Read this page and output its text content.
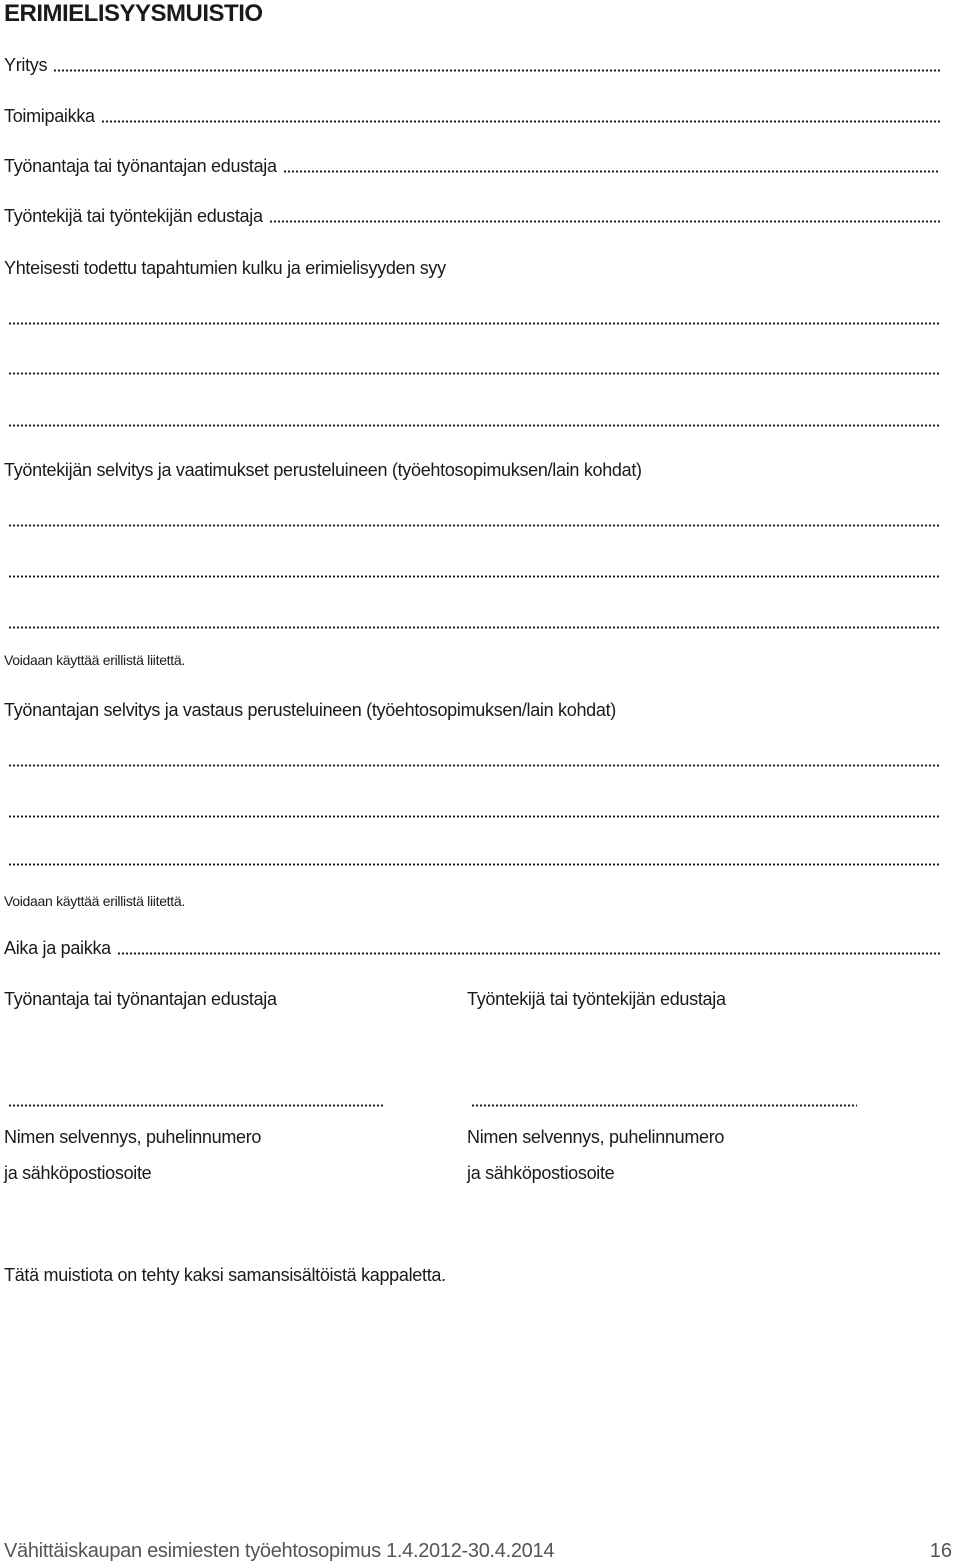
ERIMIELISYYSMUISTIO
Yritys
Toimipaikka
Työnantaja tai työnantajan edustaja
Työntekijä tai työntekijän edustaja
Yhteisesti todettu tapahtumien kulku ja erimielisyyden syy
Työntekijän selvitys ja vaatimukset perusteluineen (työehtosopimuksen/lain kohdat)
Voidaan käyttää erillistä liitettä.
Työnantajan selvitys ja vastaus perusteluineen (työehtosopimuksen/lain kohdat)
Voidaan käyttää erillistä liitettä.
Aika ja paikka
Työnantaja tai työnantajan edustaja	Työntekijä tai työntekijän edustaja
Nimen selvennys, puhelinnumero
ja sähköpostiosoite
Nimen selvennys, puhelinnumero
ja sähköpostiosoite
Tätä muistiota on tehty kaksi samansisältöistä kappaletta.
Vähittäiskaupan esimiesten työehtosopimus 1.4.2012-30.4.2014	16
